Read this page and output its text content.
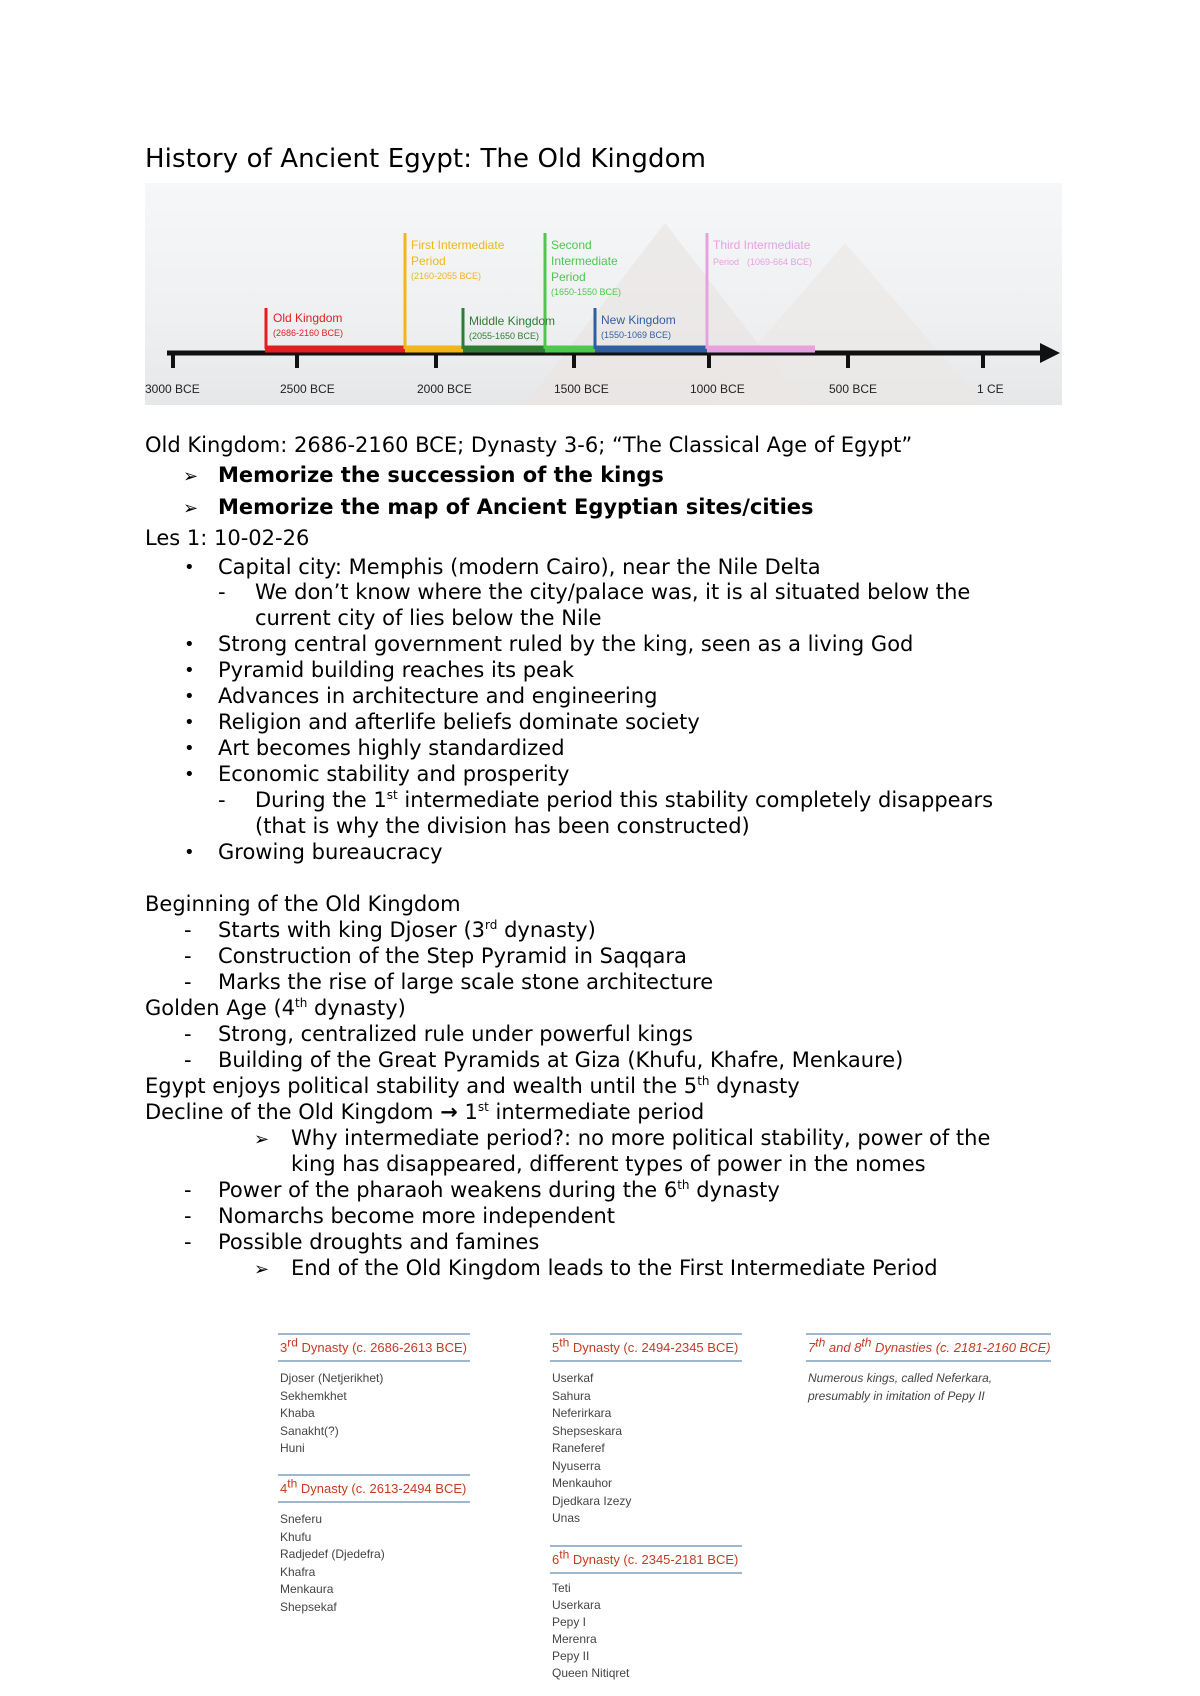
History of Ancient Egypt: The Old Kingdom
3000 BCE	2500 BCE	2000 BCE	1500 BCE	1000 BCE	500 BCE	1 CE
Old Kingdom
(2686-2160 BCE)
First Intermediate
Period
(2160-2055 BCE)
Middle Kingdom
(2055-1650 BCE)
Second
Intermediate
Period
(1650-1550 BCE)
New Kingdom
(1550-1069 BCE)
Third Intermediate
Period (1069-664 BCE)
Old Kingdom: 2686-2160 BCE; Dynasty 3-6; “The Classical Age of Egypt”
➢ Memorize the succession of the kings
➢ Memorize the map of Ancient Egyptian sites/cities
Les 1: 10-02-26
• Capital city: Memphis (modern Cairo), near the Nile Delta
- We don’t know where the city/palace was, it is al situated below the
current city of lies below the Nile
• Strong central government ruled by the king, seen as a living God
• Pyramid building reaches its peak
• Advances in architecture and engineering
• Religion and afterlife beliefs dominate society
• Art becomes highly standardized
• Economic stability and prosperity
- During the 1st intermediate period this stability completely disappears
(that is why the division has been constructed)
• Growing bureaucracy
Beginning of the Old Kingdom
- Starts with king Djoser (3rd dynasty)
- Construction of the Step Pyramid in Saqqara
- Marks the rise of large scale stone architecture
Golden Age (4th dynasty)
- Strong, centralized rule under powerful kings
- Building of the Great Pyramids at Giza (Khufu, Khafre, Menkaure)
Egypt enjoys political stability and wealth until the 5th dynasty
Decline of the Old Kingdom → 1st intermediate period
➢ Why intermediate period?: no more political stability, power of the
king has disappeared, different types of power in the nomes
- Power of the pharaoh weakens during the 6th dynasty
- Nomarchs become more independent
- Possible droughts and famines
➢ End of the Old Kingdom leads to the First Intermediate Period
3rd Dynasty (c. 2686-2613 BCE)
Djoser (Netjerikhet)
Sekhemkhet
Khaba
Sanakht(?)
Huni
4th Dynasty (c. 2613-2494 BCE)
Sneferu
Khufu
Radjedef (Djedefra)
Khafra
Menkaura
Shepsekaf
5th Dynasty (c. 2494-2345 BCE)
Userkaf
Sahura
Neferirkara
Shepseskara
Raneferef
Nyuserra
Menkauhor
Djedkara Izezy
Unas
6th Dynasty (c. 2345-2181 BCE)
Teti
Userkara
Pepy I
Merenra
Pepy II
Queen Nitiqret
7th and 8th Dynasties (c. 2181-2160 BCE)
Numerous kings, called Neferkara,
presumably in imitation of Pepy II
